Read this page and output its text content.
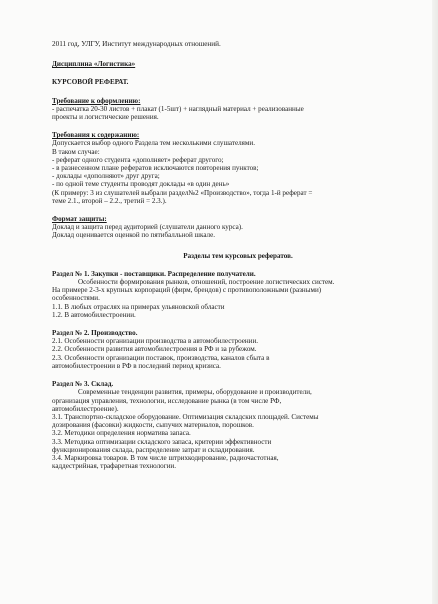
2011 год, УЛГУ, Институт международных отношений.
Дисциплина «Логистика»
КУРСОВОЙ РЕФЕРАТ.
Требование к оформлению:
- распечатка 20-30 листов + плакат (1-5шт) + наглядный материал + реализованные
проекты и логистические решения.
Требования к содержанию:
Допускается выбор одного Раздела тем несколькими слушателями.
В таком случае:
- реферат одного студента «дополняет» реферат другого;
- в разнесенном плане рефератов исключаются повторения пунктов;
- доклады «дополняют» друг друга;
- по одной теме студенты проводят доклады «в один день»
(К примеру: 3 из слушателей выбрали раздел№2 «Производство», тогда 1-й реферат =
теме 2.1., второй – 2.2., третий = 2.3.).
Формат защиты:
Доклад и защита перед аудиторией (слушатели данного курса).
Доклад оценивается оценкой по пятибалльной шкале.
Разделы тем курсовых рефератов.
Раздел № 1. Закупки - поставщики. Распределение получатели.
Особенности формирования рынков, отношений, построение логистических систем.
На примере 2-3-х крупных корпораций (фирм, брендов) с противоположными (разными)
особенностями.
1.1. В любых отраслях на примерах ульяновской области
1.2. В автомобилестроении.
Раздел № 2. Производство.
2.1. Особенности организации производства в автомобилестроении.
2.2. Особенности развития автомобилестроения в РФ и за рубежом.
2.3. Особенности организации поставок, производства, каналов сбыта в
автомобилестроении в РФ в последний период кризиса.
Раздел № 3. Склад.
Современные тенденции развития, примеры, оборудование и производители,
организация управления, технологии, исследование рынка (в том числе РФ,
автомобилестроение).
3.1. Транспортно-складское оборудование. Оптимизация складских площадей. Системы
дозирования (фасовки) жидкости, сыпучих материалов, порошков.
3.2. Методики определения норматива запаса.
3.3. Методика оптимизации складского запаса, критерии эффективности
функционирования склада, распределение затрат и складирования.
3.4. Маркировка товаров. В том числе штрихкодирование, радиочастотная,
каддестрийная, трафаретная технологии.
